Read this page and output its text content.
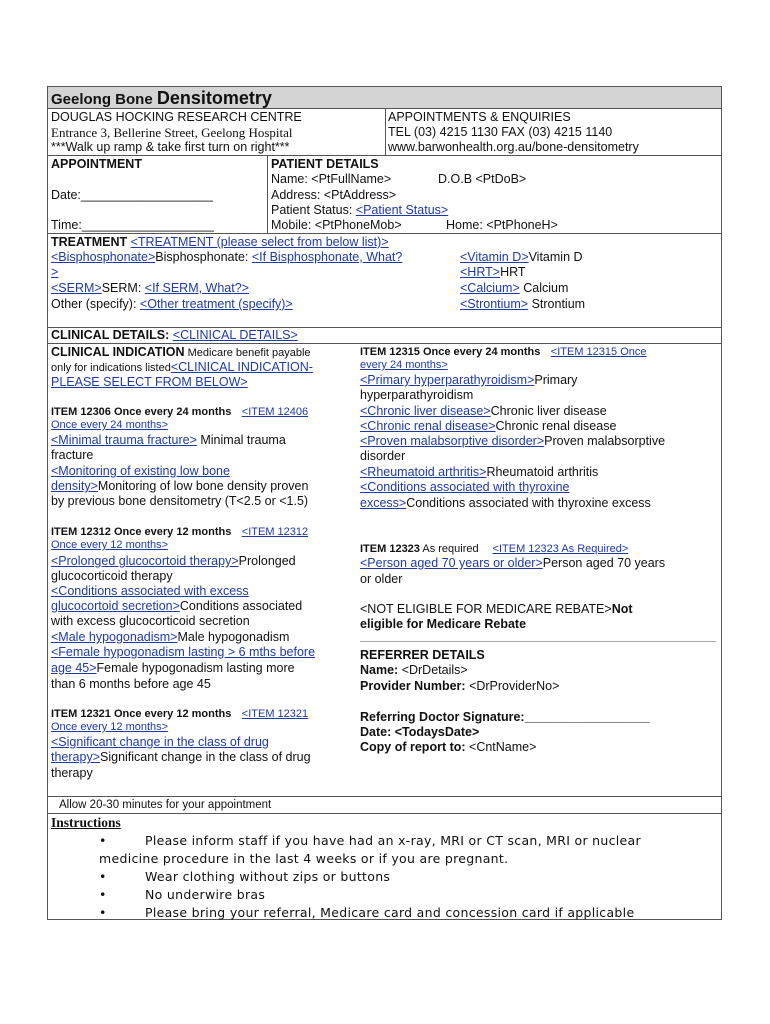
Geelong Bone Densitometry
DOUGLAS HOCKING RESEARCH CENTRE
Entrance 3, Bellerine Street, Geelong Hospital
***Walk up ramp & take first turn on right***
APPOINTMENTS & ENQUIRIES
TEL (03) 4215 1130 FAX (03) 4215 1140
www.barwonhealth.org.au/bone-densitometry
APPOINTMENT
Date:___________________
Time:___________________
PATIENT DETAILS
Name: <PtFullName>	D.O.B <PtDoB>
Address: <PtAddress>
Patient Status: <Patient Status>
Mobile: <PtPhoneMob>	Home: <PtPhoneH>
TREATMENT <TREATMENT (please select from below list)>
<Bisphosphonate>Bisphosphonate: <If Bisphosphonate, What?
>
<SERM>SERM: <If SERM, What?>
Other (specify): <Other treatment (specify)>
<Vitamin D>Vitamin D
<HRT>HRT
<Calcium> Calcium
<Strontium> Strontium
CLINICAL DETAILS: <CLINICAL DETAILS>
CLINICAL INDICATION Medicare benefit payable
only for indications listed<CLINICAL INDICATION-
PLEASE SELECT FROM BELOW>
ITEM 12306 Once every 24 months <ITEM 12406
Once every 24 months>
<Minimal trauma fracture> Minimal trauma
fracture
<Monitoring of existing low bone
density>Monitoring of low bone density proven
by previous bone densitometry (T<2.5 or <1.5)
ITEM 12312 Once every 12 months <ITEM 12312
Once every 12 months>
<Prolonged glucocortoid therapy>Prolonged
glucocorticoid therapy
<Conditions associated with excess
glucocortoid secretion>Conditions associated
with excess glucocorticoid secretion
<Male hypogonadism>Male hypogonadism
<Female hypogonadism lasting > 6 mths before
age 45>Female hypogonadism lasting more
than 6 months before age 45
ITEM 12321 Once every 12 months <ITEM 12321
Once every 12 months>
<Significant change in the class of drug
therapy>Significant change in the class of drug
therapy
ITEM 12315 Once every 24 months <ITEM 12315 Once
every 24 months>
<Primary hyperparathyroidism>Primary
hyperparathyroidism
<Chronic liver disease>Chronic liver disease
<Chronic renal disease>Chronic renal disease
<Proven malabsorptive disorder>Proven malabsorptive
disorder
<Rheumatoid arthritis>Rheumatoid arthritis
<Conditions associated with thyroxine
excess>Conditions associated with thyroxine excess
ITEM 12323 As required <ITEM 12323 As Required>
<Person aged 70 years or older>Person aged 70 years
or older
<NOT ELIGIBLE FOR MEDICARE REBATE>Not
eligible for Medicare Rebate
REFERRER DETAILS
Name: <DrDetails>
Provider Number: <DrProviderNo>
Referring Doctor Signature:__________________
Date: <TodaysDate>
Copy of report to: <CntName>
Allow 20-30 minutes for your appointment
Instructions
•	Please inform staff if you have had an x-ray, MRI or CT scan, MRI or nuclear
medicine procedure in the last 4 weeks or if you are pregnant.
•	Wear clothing without zips or buttons
•	No underwire bras
•	Please bring your referral, Medicare card and concession card if applicable
